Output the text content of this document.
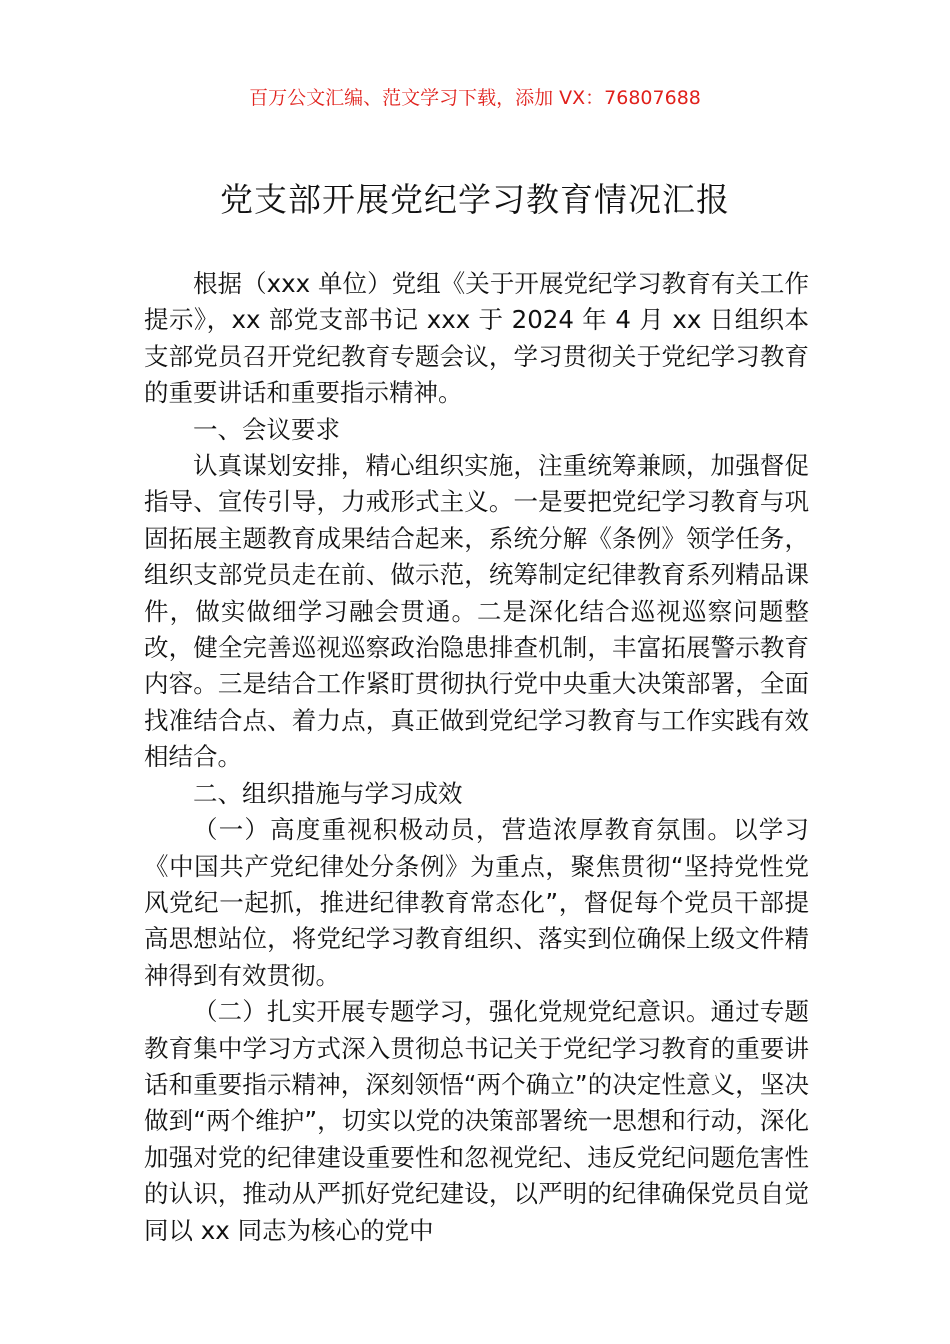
百万公文汇编、范文学习下载，添加 VX：76807688
党支部开展党纪学习教育情况汇报

根据（xxx 单位）党组《关于开展党纪学习教育有关工作提示》，xx 部党支部书记 xxx 于 2024 年 4 月 xx 日组织本支部党员召开党纪教育专题会议，学习贯彻关于党纪学习教育的重要讲话和重要指示精神。

一、会议要求

认真谋划安排，精心组织实施，注重统筹兼顾，加强督促指导、宣传引导，力戒形式主义。一是要把党纪学习教育与巩固拓展主题教育成果结合起来，系统分解《条例》领学任务，组织支部党员走在前、做示范，统筹制定纪律教育系列精品课件，做实做细学习融会贯通。二是深化结合巡视巡察问题整改，健全完善巡视巡察政治隐患排查机制，丰富拓展警示教育内容。三是结合工作紧盯贯彻执行党中央重大决策部署，全面找准结合点、着力点，真正做到党纪学习教育与工作实践有效相结合。

二、组织措施与学习成效

（一）高度重视积极动员，营造浓厚教育氛围。以学习《中国共产党纪律处分条例》为重点，聚焦贯彻“坚持党性党风党纪一起抓，推进纪律教育常态化”，督促每个党员干部提高思想站位，将党纪学习教育组织、落实到位确保上级文件精神得到有效贯彻。

（二）扎实开展专题学习，强化党规党纪意识。通过专题教育集中学习方式深入贯彻总书记关于党纪学习教育的重要讲话和重要指示精神，深刻领悟“两个确立”的决定性意义，坚决做到“两个维护”，切实以党的决策部署统一思想和行动，深化加强对党的纪律建设重要性和忽视党纪、违反党纪问题危害性的认识，推动从严抓好党纪建设，以严明的纪律确保党员自觉同以 xx 同志为核心的党中
